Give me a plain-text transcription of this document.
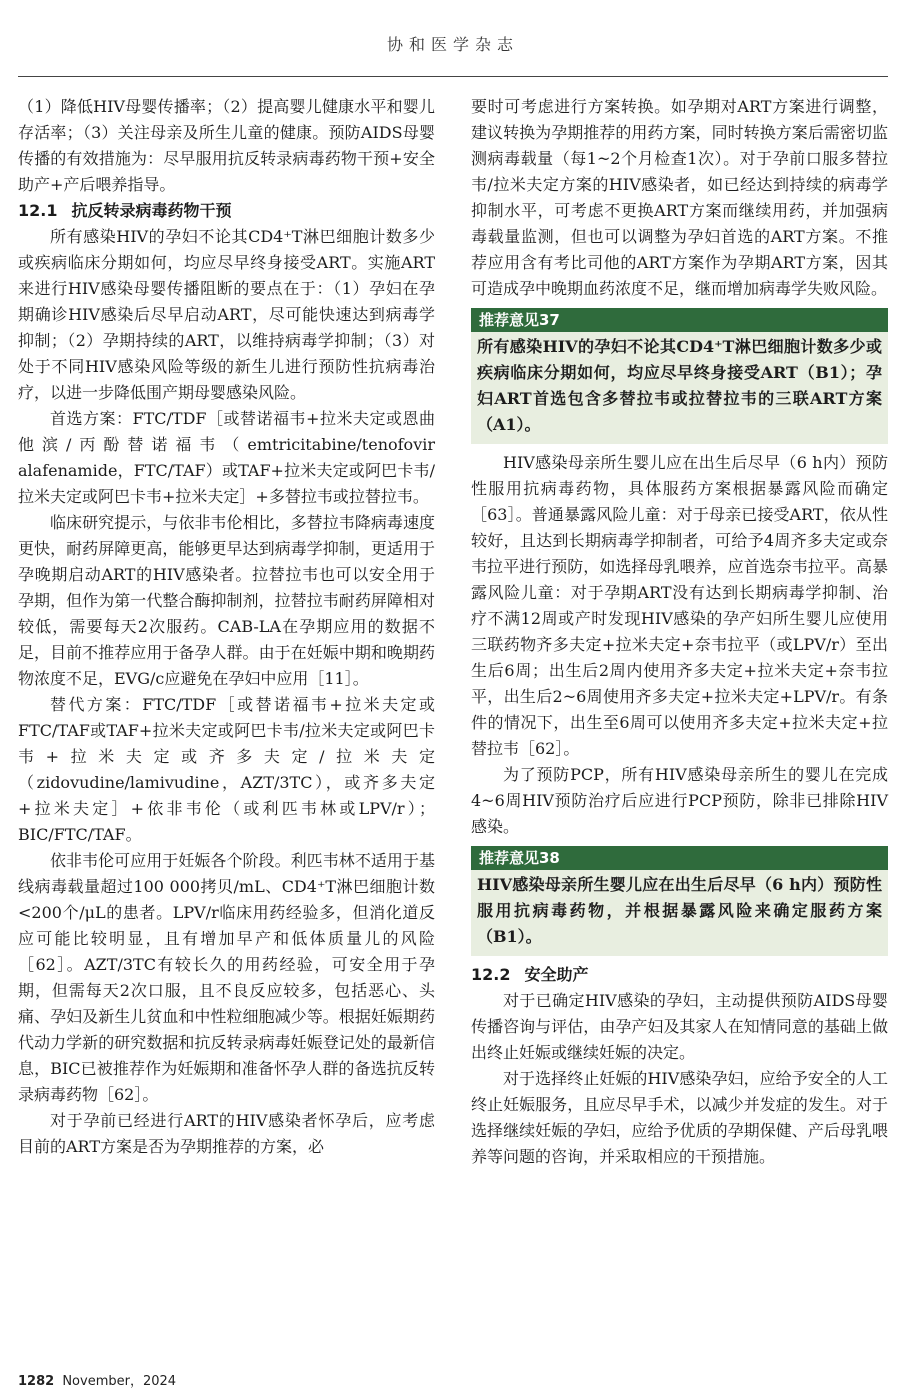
协和医学杂志

（1）降低HIV母婴传播率；（2）提高婴儿健康水平和婴儿存活率；（3）关注母亲及所生儿童的健康。预防AIDS母婴传播的有效措施为：尽早服用抗反转录病毒药物干预+安全助产+产后喂养指导。

12.1 抗反转录病毒药物干预

所有感染HIV的孕妇不论其CD4⁺T淋巴细胞计数多少或疾病临床分期如何，均应尽早终身接受ART。实施ART来进行HIV感染母婴传播阻断的要点在于：（1）孕妇在孕期确诊HIV感染后尽早启动ART，尽可能快速达到病毒学抑制；（2）孕期持续的ART，以维持病毒学抑制；（3）对处于不同HIV感染风险等级的新生儿进行预防性抗病毒治疗，以进一步降低围产期母婴感染风险。

首选方案：FTC/TDF［或替诺福韦+拉米夫定或恩曲他滨/丙酚替诺福韦（emtricitabine/tenofovir alafenamide，FTC/TAF）或TAF+拉米夫定或阿巴卡韦/拉米夫定或阿巴卡韦+拉米夫定］+多替拉韦或拉替拉韦。

临床研究提示，与依非韦伦相比，多替拉韦降病毒速度更快，耐药屏障更高，能够更早达到病毒学抑制，更适用于孕晚期启动ART的HIV感染者。拉替拉韦也可以安全用于孕期，但作为第一代整合酶抑制剂，拉替拉韦耐药屏障相对较低，需要每天2次服药。CAB-LA在孕期应用的数据不足，目前不推荐应用于备孕人群。由于在妊娠中期和晚期药物浓度不足，EVG/c应避免在孕妇中应用［11］。

替代方案：FTC/TDF［或替诺福韦+拉米夫定或FTC/TAF或TAF+拉米夫定或阿巴卡韦/拉米夫定或阿巴卡韦+拉米夫定或齐多夫定/拉米夫定（zidovudine/lamivudine，AZT/3TC），或齐多夫定+拉米夫定］+依非韦伦（或利匹韦林或LPV/r）；BIC/FTC/TAF。

依非韦伦可应用于妊娠各个阶段。利匹韦林不适用于基线病毒载量超过100 000拷贝/mL、CD4⁺T淋巴细胞计数<200个/μL的患者。LPV/r临床用药经验多，但消化道反应可能比较明显，且有增加早产和低体质量儿的风险［62］。AZT/3TC有较长久的用药经验，可安全用于孕期，但需每天2次口服，且不良反应较多，包括恶心、头痛、孕妇及新生儿贫血和中性粒细胞减少等。根据妊娠期药代动力学新的研究数据和抗反转录病毒妊娠登记处的最新信息，BIC已被推荐作为妊娠期和准备怀孕人群的备选抗反转录病毒药物［62］。

对于孕前已经进行ART的HIV感染者怀孕后，应考虑目前的ART方案是否为孕期推荐的方案，必

要时可考虑进行方案转换。如孕期对ART方案进行调整，建议转换为孕期推荐的用药方案，同时转换方案后需密切监测病毒载量（每1~2个月检查1次）。对于孕前口服多替拉韦/拉米夫定方案的HIV感染者，如已经达到持续的病毒学抑制水平，可考虑不更换ART方案而继续用药，并加强病毒载量监测，但也可以调整为孕妇首选的ART方案。不推荐应用含有考比司他的ART方案作为孕期ART方案，因其可造成孕中晚期血药浓度不足，继而增加病毒学失败风险。

推荐意见37
所有感染HIV的孕妇不论其CD4⁺T淋巴细胞计数多少或疾病临床分期如何，均应尽早终身接受ART（B1）；孕妇ART首选包含多替拉韦或拉替拉韦的三联ART方案（A1）。

HIV感染母亲所生婴儿应在出生后尽早（6 h内）预防性服用抗病毒药物，具体服药方案根据暴露风险而确定［63］。普通暴露风险儿童：对于母亲已接受ART，依从性较好，且达到长期病毒学抑制者，可给予4周齐多夫定或奈韦拉平进行预防，如选择母乳喂养，应首选奈韦拉平。高暴露风险儿童：对于孕期ART没有达到长期病毒学抑制、治疗不满12周或产时发现HIV感染的孕产妇所生婴儿应使用三联药物齐多夫定+拉米夫定+奈韦拉平（或LPV/r）至出生后6周；出生后2周内使用齐多夫定+拉米夫定+奈韦拉平，出生后2~6周使用齐多夫定+拉米夫定+LPV/r。有条件的情况下，出生至6周可以使用齐多夫定+拉米夫定+拉替拉韦［62］。

为了预防PCP，所有HIV感染母亲所生的婴儿在完成4~6周HIV预防治疗后应进行PCP预防，除非已排除HIV感染。

推荐意见38
HIV感染母亲所生婴儿应在出生后尽早（6 h内）预防性服用抗病毒药物，并根据暴露风险来确定服药方案（B1）。

12.2 安全助产

对于已确定HIV感染的孕妇，主动提供预防AIDS母婴传播咨询与评估，由孕产妇及其家人在知情同意的基础上做出终止妊娠或继续妊娠的决定。

对于选择终止妊娠的HIV感染孕妇，应给予安全的人工终止妊娠服务，且应尽早手术，以减少并发症的发生。对于选择继续妊娠的孕妇，应给予优质的孕期保健、产后母乳喂养等问题的咨询，并采取相应的干预措施。

1282 November，2024
